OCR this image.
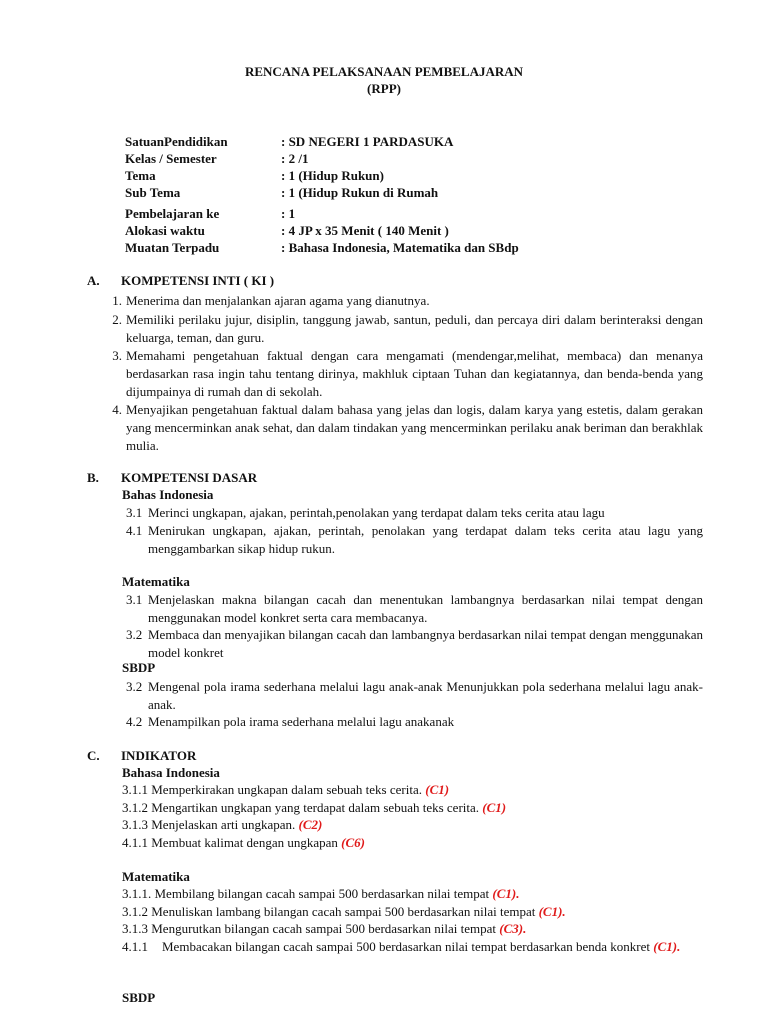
RENCANA PELAKSANAAN PEMBELAJARAN
(RPP)
SatuanPendidikan	: SD NEGERI 1 PARDASUKA
Kelas / Semester	: 2 /1
Tema	: 1 (Hidup Rukun)
Sub Tema	: 1 (Hidup Rukun di Rumah
Pembelajaran ke	: 1
Alokasi waktu	: 4 JP x 35 Menit ( 140 Menit )
Muatan Terpadu	: Bahasa Indonesia, Matematika dan SBdp
A. KOMPETENSI INTI ( KI )
1. Menerima dan menjalankan ajaran agama yang dianutnya.
2. Memiliki perilaku jujur, disiplin, tanggung jawab, santun, peduli, dan percaya diri dalam berinteraksi dengan keluarga, teman, dan guru.
3. Memahami pengetahuan faktual dengan cara mengamati (mendengar,melihat, membaca) dan menanya berdasarkan rasa ingin tahu tentang dirinya, makhluk ciptaan Tuhan dan kegiatannya, dan benda-benda yang dijumpainya di rumah dan di sekolah.
4. Menyajikan pengetahuan faktual dalam bahasa yang jelas dan logis, dalam karya yang estetis, dalam gerakan yang mencerminkan anak sehat, dan dalam tindakan yang mencerminkan perilaku anak beriman dan berakhlak mulia.
B. KOMPETENSI DASAR
Bahas Indonesia
3.1 Merinci ungkapan, ajakan, perintah,penolakan yang terdapat dalam teks cerita atau lagu
4.1 Menirukan ungkapan, ajakan, perintah, penolakan yang terdapat dalam teks cerita atau lagu yang menggambarkan sikap hidup rukun.
Matematika
3.1 Menjelaskan makna bilangan cacah dan menentukan lambangnya berdasarkan nilai tempat dengan menggunakan model konkret serta cara membacanya.
3.2 Membaca dan menyajikan bilangan cacah dan lambangnya berdasarkan nilai tempat dengan menggunakan model konkret
SBDP
3.2 Mengenal pola irama sederhana melalui lagu anak-anak Menunjukkan pola sederhana melalui lagu anak-anak.
4.2 Menampilkan pola irama sederhana melalui lagu anakanak
C. INDIKATOR
Bahasa Indonesia
3.1.1 Memperkirakan ungkapan dalam sebuah teks cerita. (C1)
3.1.2 Mengartikan ungkapan yang terdapat dalam sebuah teks cerita. (C1)
3.1.3 Menjelaskan arti ungkapan. (C2)
4.1.1 Membuat kalimat dengan ungkapan (C6)
Matematika
3.1.1. Membilang bilangan cacah sampai 500 berdasarkan nilai tempat (C1).
3.1.2 Menuliskan lambang bilangan cacah sampai 500 berdasarkan nilai tempat (C1).
3.1.3 Mengurutkan bilangan cacah sampai 500 berdasarkan nilai tempat (C3).
4.1.1 Membacakan bilangan cacah sampai 500 berdasarkan nilai tempat berdasarkan benda konkret (C1).
SBDP
